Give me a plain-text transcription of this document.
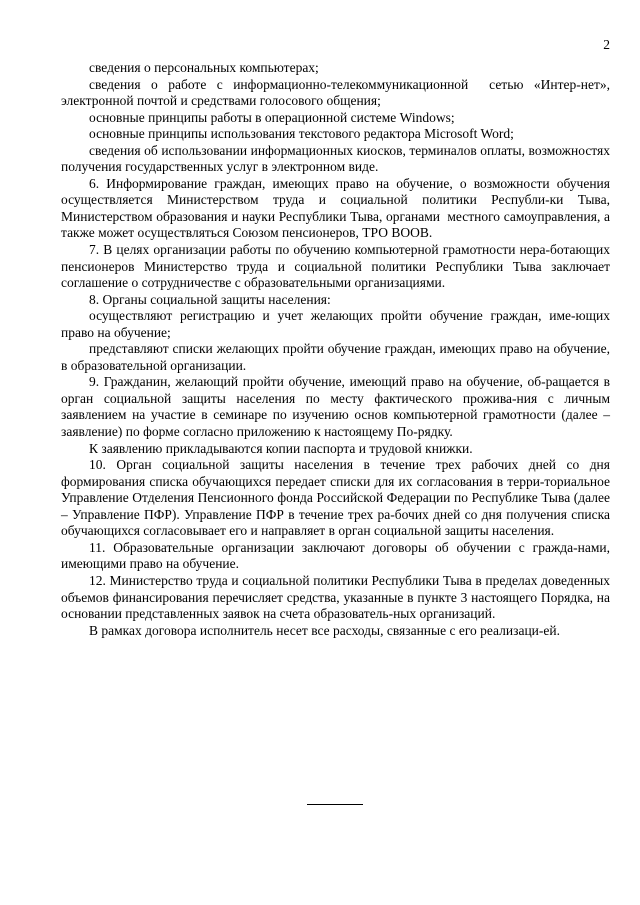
2

сведения о персональных компьютерах;

сведения о работе с информационно-телекоммуникационной  сетью «Интер-нет», электронной почтой и средствами голосового общения;

основные принципы работы в операционной системе Windows;

основные принципы использования текстового редактора Microsoft Word;

сведения об использовании информационных киосков, терминалов оплаты, возможностях получения государственных услуг в электронном виде.

6. Информирование граждан, имеющих право на обучение, о возможности обучения осуществляется Министерством труда и социальной политики Республи-ки Тыва, Министерством образования и науки Республики Тыва, органами  местного самоуправления, а также может осуществляться Союзом пенсионеров, ТРО ВООВ.

7. В целях организации работы по обучению компьютерной грамотности нера-ботающих пенсионеров Министерство труда и социальной политики Республики Тыва заключает соглашение о сотрудничестве с образовательными организациями.

8. Органы социальной защиты населения:

осуществляют регистрацию и учет желающих пройти обучение граждан, име-ющих право на обучение;

представляют списки желающих пройти обучение граждан, имеющих право на обучение, в образовательной организации.

9. Гражданин, желающий пройти обучение, имеющий право на обучение, об-ращается в орган социальной защиты населения по месту фактического прожива-ния с личным заявлением на участие в семинаре по изучению основ компьютерной грамотности (далее – заявление) по форме согласно приложению к настоящему По-рядку.

К заявлению прикладываются копии паспорта и трудовой книжки.

10. Орган социальной защиты населения в течение трех рабочих дней со дня формирования списка обучающихся передает списки для их согласования в терри-ториальное Управление Отделения Пенсионного фонда Российской Федерации по Республике Тыва (далее – Управление ПФР). Управление ПФР в течение трех ра-бочих дней со дня получения списка обучающихся согласовывает его и направляет в орган социальной защиты населения.

11. Образовательные организации заключают договоры об обучении с гражда-нами, имеющими право на обучение.

12. Министерство труда и социальной политики Республики Тыва в пределах доведенных объемов финансирования перечисляет средства, указанные в пункте 3 настоящего Порядка, на основании представленных заявок на счета образователь-ных организаций.

В рамках договора исполнитель несет все расходы, связанные с его реализаци-ей.
